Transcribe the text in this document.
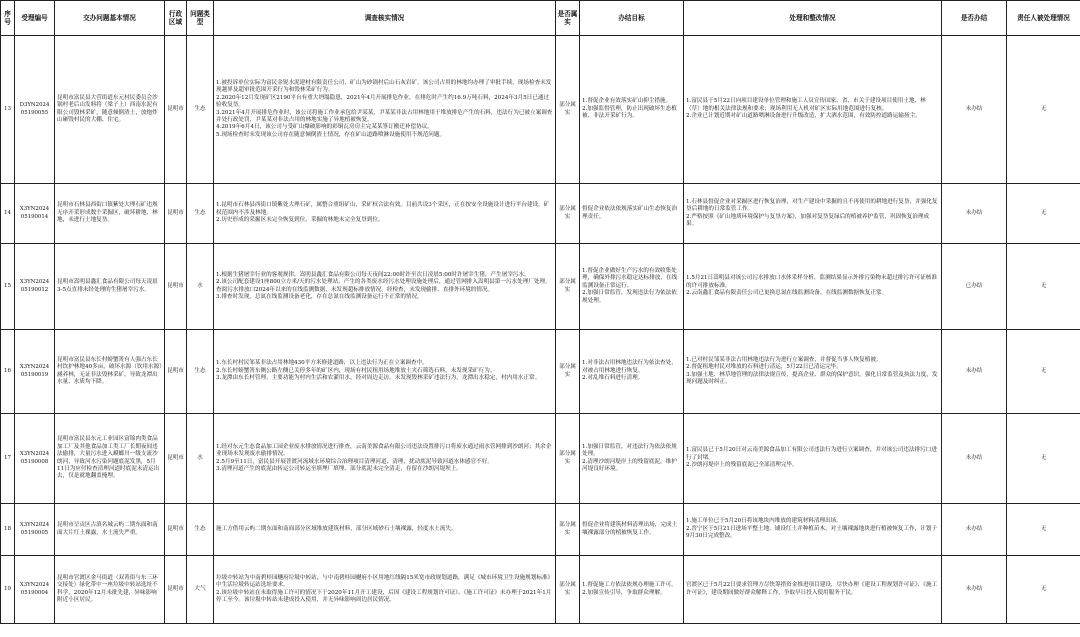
序号	受理编号	交办问题基本情况	行政区域	问题类型	调查核实情况	是否属实	办结目标	处理和整改情况	是否办结	责任人被处理情况
13	D3YN2024 05190055	昆明市富民县大营街道东元村民委员会沙锅村老后山发料将（梁子上）西南水泥有限公司毁林采矿，随意倾倒渣土，放炮炸山砸毁村民的大棚、住宅。	昆明市	生态	1.被投诉单位实际为富民金锐水泥建材有限责任公司，矿山为砂锅村后山石灰岩矿。该公司占用的林地均办理了审批手续，现场检查未发现越界及超审批范围开采行为和毁林采矿行为。
2.2020年12月发现矿区2190平台有重大坍塌隐患，2021年4月开展排危作业，在排危时产生约16.9万吨石料，2024年3月5日已通过验收复垦。
3.2021年4月开展排危作业时，该公司将施工作业承包给尹某某，尹某某非法占用林地用于堆放排危产生的石料，违法行为已被立案调查并处行政处罚，尹某某对非法占用的林地实施了异地植被恢复。
4.2019年6月4日，该公司与受矿山爆破影响的彩铜瓦房房主完某某签订搬迁补偿协议。
5.现场检查时未发现该公司存在随意倾倒渣土情况，存在矿山道路喷淋设施使用不规范问题。	部分属实	1.督促企业有效落实矿山抑尘措施。
2.加强监督管理，防止出现破坏生态植被、非法开采矿行为。	1.富民县于5月22日向项目建设单位管理和施工人员宣传国家、省、市关于建设项目使用土地、林（草）地的相关法律法规和要求；现场利用无人机对矿区实际用地范围进行复核。
2.企业已计划近期对矿山道路喷淋设备进行升级改造，扩大洒水范围，有效防控道路运输扬尘。	未办结	无
14	X3YN2024 05190014	昆明市石林县西街口镇紫处大理石矿违规无序开采形成数个采掘区，破坏耕地、林地，未进行土地复垦。	昆明市	生态	1.昆明市石林县西街口镇紫处大理石矿，属整合重组矿山，采矿权合法有效。目前共设3个采区，正在按安全设施设计进行平台建设。矿权范围内不涉及林地。
2.历史形成的采掘区未完全恢复到位，采掘的林地未完全复垦到位。	部分属实	督促企业依法依规落实矿山生态恢复治理责任。	1.石林县督促企业对采掘区进行恢复治理，对生产建设中采掘的且不再使用的耕地进行复垦，并强化复垦后耕地的日常监管工作。
2.严格按照《矿山地质环境保护与复垦方案》，加强对复垦复绿后的植被养护监管，巩固恢复治理成果。	未办结	无
15	X3YN2024 05190012	昆明市嵩明县鑫汇食品有限公司每天凌晨3-5点直排未经处理的生猪屠宰污水。	昆明市	水	1.根据生猪屠宰行业的客观规律，嵩明县鑫汇食品有限公司每天夜间22:00时许至次日凌晨5:00时许屠宰生猪，产生屠宰污水。
2.该公司配套建设1座800立方米/天的污水处理站，产生的各类废水经污水处理设施处理后，通过管网排入嵩明县第一污水处理厂处理。查阅污水排放口2024年以来的在线监测数据，未发现超标排放情况。经检查，未发现偷排、直排外环境的情况。
3.排查时发现，总氮在线监测设备老化，存在总氮在线监测设备运行不正常的情况。	部分属实	1.督促企业做好生产污水的有效收集处理，确保外排污水稳定达标排放，在线监测设备正常运行。
2.加强日常监管，发现违法行为依法依规处理。	1.5月21日嵩明县对该公司污水排放口水体采样分析，监测结果显示外排污染物未超过排污许可证核准的许可排放标准。
2.云南鑫汇食品有限责任公司已更换总氮在线监测设备，在线监测数据恢复正常。	已办结	无
16	X3YN2024 05190019	昆明市富民县东长村螃蟹箐有人强占东长村饮护林地40多亩，破坏水源（饮用水源）涵养林，无证非法毁林采矿，导致龙潭出水量、水质均下降。	昆明市	生态	1.东长村村民邹某非法占用林地430平方米修建道路，以上违法行为正在立案调查中。
2.东长村螃蟹箐东侧公路左侧已关停多年的矿区内，现场有村民租用场地堆放土夹石筛选石料，未发现采矿行为。
3.龙潭由东长村管理，主要功能为村内生活和农灌用水，经对周边走访，未发现毁林采矿违法行为，龙潭出水稳定，村内用水正常。	部分属实	1.对非法占用林地违法行为依法查处，对被占用林地进行恢复。
2.对乱堆石料进行清理。	1.已对村民邹某非法占用林地违法行为进行立案调查，并督促当事人恢复植被。
2.督促租地村民对堆放的石料进行清运，5月22日已清运完毕。
3.加强土地、林草地管理的法律法规宣传，提高企业、群众的保护意识，强化日常监管及执法力度，发现问题及时纠正。	未办结	无
17	X3YN2024 05190008	昆明市富民县东元工业园区富锦肉类食品加工厂及其他食品加工类工厂长期夜间违法偷排，大量污水进入蟆螂川一级支流沙朗河，导致河水污染问题底泥发黑，5月11日为应付检查清理河道时底泥未清运出去，仅是就地翻盖掩埋。	昆明市	水	1.经对东元生态食品加工园企业废水排放情况进行排查，云南美源食品有限公司违法设置排污口将废水通过雨水管网排到沙朗河；其余企业现场未发现废水偷排情况。
2.5月9至11日，富民县开展普渡河流域水环境综合治理项目清理河道，清理、扰动底泥导致河道水体感官不好。
3.清理河道产生的底泥由转运公司转运至填埋厂填埋。部分底泥未完全清走，存留在沙朗河堤坝上。	部分属实	1.加强日常监管，对违法行为依法依规处理。
2.清理沙朗河堤岸上的残留底泥，维护河堤良好环境。	1.富民县已于5月20日对云南美源食品加工有限公司违法行为进行立案调查，并对该公司违法排污口进行了封堵。
2.沙朗河堤岸上的残留底泥已全部清理完毕。	未办结	无
18	X3YN2024 05190005	昆明市呈贡区古滇名城云屿二期东面和南面大片红土裸露，水土流失严重。	昆明市	生态	施工方借用云屿二期东面和南面部分区域堆放建筑材料，部分区域砂石土壤裸露，轻度水土流失。	部分属实	督促企业将建筑材料清理出场，完成土壤裸露部分的植被恢复工作。	1.施工单位已于5月20日将该地块内堆放的建筑材料清理出场。
2.晋宁区于5月21日进场平整土地、铺设红土并种植苗木，对土壤裸露地块进行植被恢复工作，计划于9月30日完成整改。	未办结	无
19	X3YN2024 05190004	昆明市官渡区金马街道（双菁街与东三环交接处）绿化带中一座垃圾中转站选址不科学，2020年12月未批先建，异味影响附近小区居民。	昆明市	大气	垃圾中转站为中南碧桂园樾府垃圾中转站，与中南碧桂园樾府小区用地红线隔15米宽市政规划道路，满足《城市环境卫生设施规划标准》中生活垃圾转运站选址要求。
2.该垃圾中转站在未取得施工许可的情况下于2020年11月开工建设，后因《建设工程规划许可证》、《施工许可证》未办理于2021年1月停工至今。该垃圾中转站未建成投入使用，并无异味影响周边居民情况。	部分属实	1.督促施工方依法依规办理施工许可。
2.加强宣传引导，争取群众理解。	官渡区已于5月22日要求管理方尽快筹措资金推进项目建设，尽快办理《建设工程规划许可证》、《施工许可证》，建设期间做好群众解释工作，争取早日投入使用服务于民。	未办结	无
